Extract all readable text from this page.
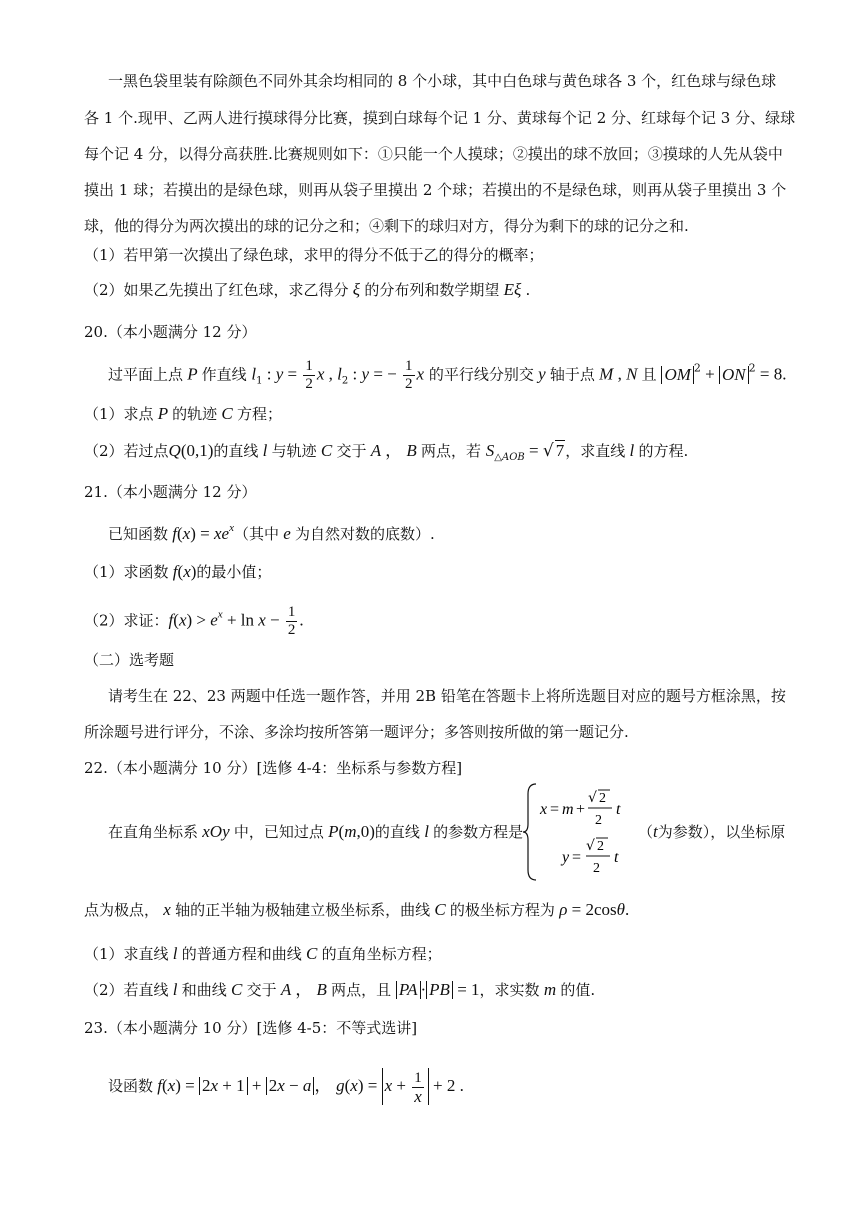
一黑色袋里装有除颜色不同外其余均相同的 8 个小球，其中白色球与黄色球各 3 个，红色球与绿色球
各 1 个.现甲、乙两人进行摸球得分比赛，摸到白球每个记 1 分、黄球每个记 2 分、红球每个记 3 分、绿球
每个记 4 分，以得分高获胜.比赛规则如下：①只能一个人摸球；②摸出的球不放回；③摸球的人先从袋中
摸出 1 球；若摸出的是绿色球，则再从袋子里摸出 2 个球；若摸出的不是绿色球，则再从袋子里摸出 3 个
球，他的得分为两次摸出的球的记分之和；④剩下的球归对方，得分为剩下的球的记分之和.
（1）若甲第一次摸出了绿色球，求甲的得分不低于乙的得分的概率；
（2）如果乙先摸出了红色球，求乙得分 ξ 的分布列和数学期望 Eξ .
20.（本小题满分 12 分）
过平面上点 P 作直线 $l_1$ : $y = \frac{1}{2}$ x , $l_2$ : y = − $\frac{1}{2}$ x 的平行线分别交 y 轴于点 M , N 且 OM $^2$ + ON $^2$ = 8.
（1）求点 P 的轨迹 C 方程；
（2）若过点Q(0,1)的直线 l 与轨迹 C 交于 A ， B 两点，若 $S_{\triangle AOB}$ = √ 7，求直线 l 的方程.
21.（本小题满分 12 分）
已知函数 $f(x) = xe^x$（其中 e 为自然对数的底数）.
（1）求函数 f(x)的最小值；
（2）求证：$f(x) > e^x + \ln x - \frac{1}{2}$ .
（二）选考题
请考生在 22、23 两题中任选一题作答，并用 2B 铅笔在答题卡上将所选题目对应的题号方框涂黑，按
所涂题号进行评分，不涂、多涂均按所答第一题评分；多答则按所做的第一题记分.
22.（本小题满分 10 分）[选修 4-4：坐标系与参数方程]
在直角坐标系 xOy 中，已知过点 P(m,0)的直线 l 的参数方程是
x = m +
√ 2
2
t
y =
√ 2
2
t
（t为参数），以坐标原
点为极点， x 轴的正半轴为极轴建立极坐标系，曲线 C 的极坐标方程为 ρ = 2cosθ.
（1）求直线 l 的普通方程和曲线 C 的直角坐标方程；
（2）若直线 l 和曲线 C 交于 A ， B 两点，且 PA · PB = 1，求实数 m 的值.
23.（本小题满分 10 分）[选修 4-5：不等式选讲]
设函数 f(x) = 2x + 1 + 2x − a ， $g(x) = x + \frac{1}{x} + 2$ .
